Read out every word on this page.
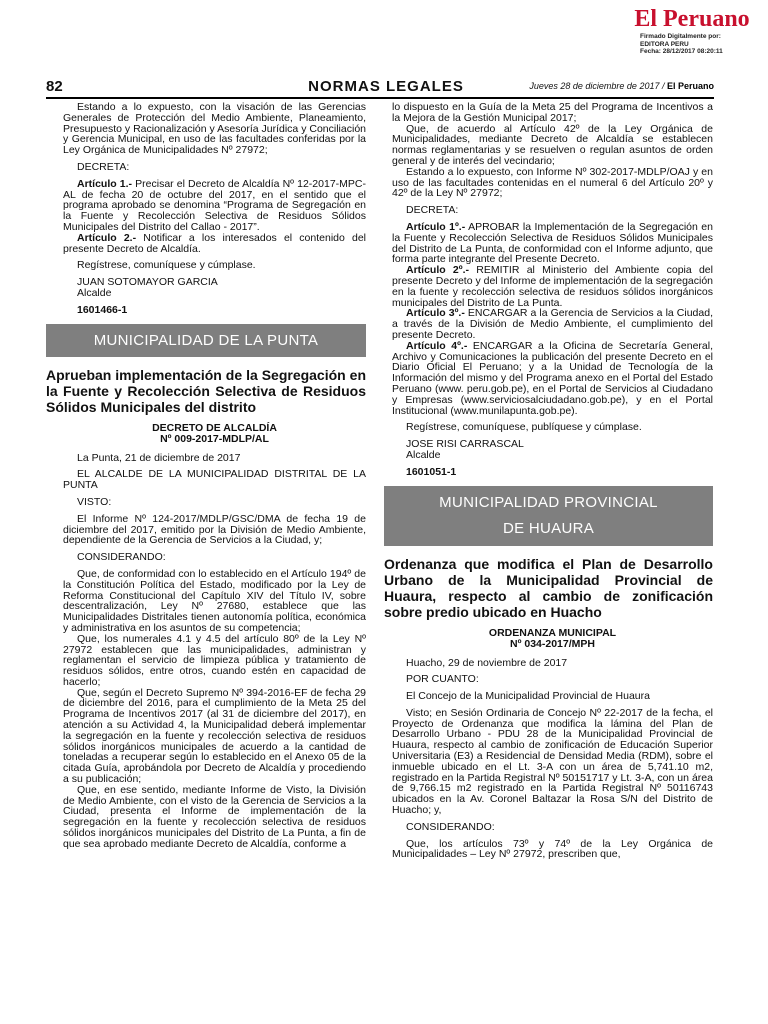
El Peruano
Firmado Digitalmente por:
EDITORA PERU
Fecha: 28/12/2017 08:20:11
82	NORMAS LEGALES	Jueves 28 de diciembre de 2017 / El Peruano

Estando a lo expuesto, con la visación de las Gerencias Generales de Protección del Medio Ambiente, Planeamiento, Presupuesto y Racionalización y Asesoría Jurídica y Conciliación y Gerencia Municipal, en uso de las facultades conferidas por la Ley Orgánica de Municipalidades Nº 27972;

DECRETA:

Artículo 1.- Precisar el Decreto de Alcaldía Nº 12-2017-MPC-AL de fecha 20 de octubre del 2017, en el sentido que el programa aprobado se denomina “Programa de Segregación en la Fuente y Recolección Selectiva de Residuos Sólidos Municipales del Distrito del Callao - 2017”.

Artículo 2.- Notificar a los interesados el contenido del presente Decreto de Alcaldía.

Regístrese, comuníquese y cúmplase.

JUAN SOTOMAYOR GARCIA

Alcalde

1601466-1

MUNICIPALIDAD DE LA PUNTA
Aprueban implementación de la Segregación en la Fuente y Recolección Selectiva de Residuos Sólidos Municipales del distrito
DECRETO DE ALCALDÍA
Nº 009-2017-MDLP/AL

La Punta, 21 de diciembre de 2017

EL ALCALDE DE LA MUNICIPALIDAD DISTRITAL DE LA PUNTA

VISTO:

El Informe Nº 124-2017/MDLP/GSC/DMA de fecha 19 de diciembre del 2017, emitido por la División de Medio Ambiente, dependiente de la Gerencia de Servicios a la Ciudad, y;

CONSIDERANDO:

Que, de conformidad con lo establecido en el Artículo 194º de la Constitución Política del Estado, modificado por la Ley de Reforma Constitucional del Capítulo XIV del Título IV, sobre descentralización, Ley Nº 27680, establece que las Municipalidades Distritales tienen autonomía política, económica y administrativa en los asuntos de su competencia;

Que, los numerales 4.1 y 4.5 del artículo 80º de la Ley Nº 27972 establecen que las municipalidades, administran y reglamentan el servicio de limpieza pública y tratamiento de residuos sólidos, entre otros, cuando estén en capacidad de hacerlo;

Que, según el Decreto Supremo Nº 394-2016-EF de fecha 29 de diciembre del 2016, para el cumplimiento de la Meta 25 del Programa de Incentivos 2017 (al 31 de diciembre del 2017), en atención a su Actividad 4, la Municipalidad deberá implementar la segregación en la fuente y recolección selectiva de residuos sólidos inorgánicos municipales de acuerdo a la cantidad de toneladas a recuperar según lo establecido en el Anexo 05 de la citada Guía, aprobándola por Decreto de Alcaldía y procediendo a su publicación;

Que, en ese sentido, mediante Informe de Visto, la División de Medio Ambiente, con el visto de la Gerencia de Servicios a la Ciudad, presenta el Informe de implementación de la segregación en la fuente y recolección selectiva de residuos sólidos inorgánicos municipales del Distrito de La Punta, a fin de que sea aprobado mediante Decreto de Alcaldía, conforme a

lo dispuesto en la Guía de la Meta 25 del Programa de Incentivos a la Mejora de la Gestión Municipal 2017;

Que, de acuerdo al Artículo 42º de la Ley Orgánica de Municipalidades, mediante Decreto de Alcaldía se establecen normas reglamentarias y se resuelven o regulan asuntos de orden general y de interés del vecindario;

Estando a lo expuesto, con Informe Nº 302-2017-MDLP/OAJ y en uso de las facultades contenidas en el numeral 6 del Artículo 20º y 42º de la Ley Nº 27972;

DECRETA:

Artículo 1º.- APROBAR la Implementación de la Segregación en la Fuente y Recolección Selectiva de Residuos Sólidos Municipales del Distrito de La Punta, de conformidad con el Informe adjunto, que forma parte integrante del Presente Decreto.

Artículo 2º.- REMITIR al Ministerio del Ambiente copia del presente Decreto y del Informe de implementación de la segregación en la fuente y recolección selectiva de residuos sólidos inorgánicos municipales del Distrito de La Punta.

Artículo 3º.- ENCARGAR a la Gerencia de Servicios a la Ciudad, a través de la División de Medio Ambiente, el cumplimiento del presente Decreto.

Artículo 4º.- ENCARGAR a la Oficina de Secretaría General, Archivo y Comunicaciones la publicación del presente Decreto en el Diario Oficial El Peruano; y a la Unidad de Tecnología de la Información del mismo y del Programa anexo en el Portal del Estado Peruano (www. peru.gob.pe), en el Portal de Servicios al Ciudadano y Empresas (www.serviciosalciudadano.gob.pe), y en el Portal Institucional (www.munilapunta.gob.pe).

Regístrese, comuníquese, publíquese y cúmplase.

JOSE RISI CARRASCAL

Alcalde

1601051-1

MUNICIPALIDAD PROVINCIAL
DE HUAURA
Ordenanza que modifica el Plan de Desarrollo Urbano de la Municipalidad Provincial de Huaura, respecto al cambio de zonificación sobre predio ubicado en Huacho
ORDENANZA MUNICIPAL
Nº 034-2017/MPH

Huacho, 29 de noviembre de 2017

POR CUANTO:

El Concejo de la Municipalidad Provincial de Huaura

Visto; en Sesión Ordinaria de Concejo Nº 22-2017 de la fecha, el Proyecto de Ordenanza que modifica la lámina del Plan de Desarrollo Urbano - PDU 28 de la Municipalidad Provincial de Huaura, respecto al cambio de zonificación de Educación Superior Universitaria (E3) a Residencial de Densidad Media (RDM), sobre el inmueble ubicado en el Lt. 3-A con un área de 5,741.10 m2, registrado en la Partida Registral Nº 50151717 y Lt. 3-A, con un área de 9,766.15 m2 registrado en la Partida Registral Nº 50116743 ubicados en la Av. Coronel Baltazar la Rosa S/N del Distrito de Huacho; y,

CONSIDERANDO:

Que, los artículos 73º y 74º de la Ley Orgánica de Municipalidades – Ley Nº 27972, prescriben que,
